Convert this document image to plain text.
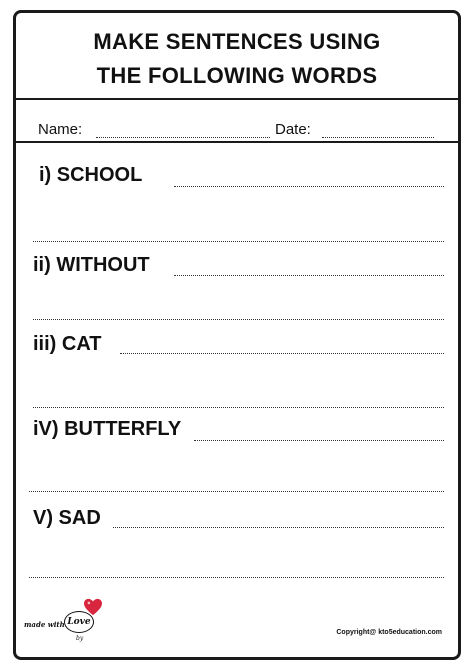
MAKE SENTENCES USING
THE FOLLOWING WORDS
Name:	Date:
i) SCHOOL
ii) WITHOUT
iii) CAT
iV) BUTTERFLY
V) SAD
made with Love
by
Copyright@ kto5education.com
